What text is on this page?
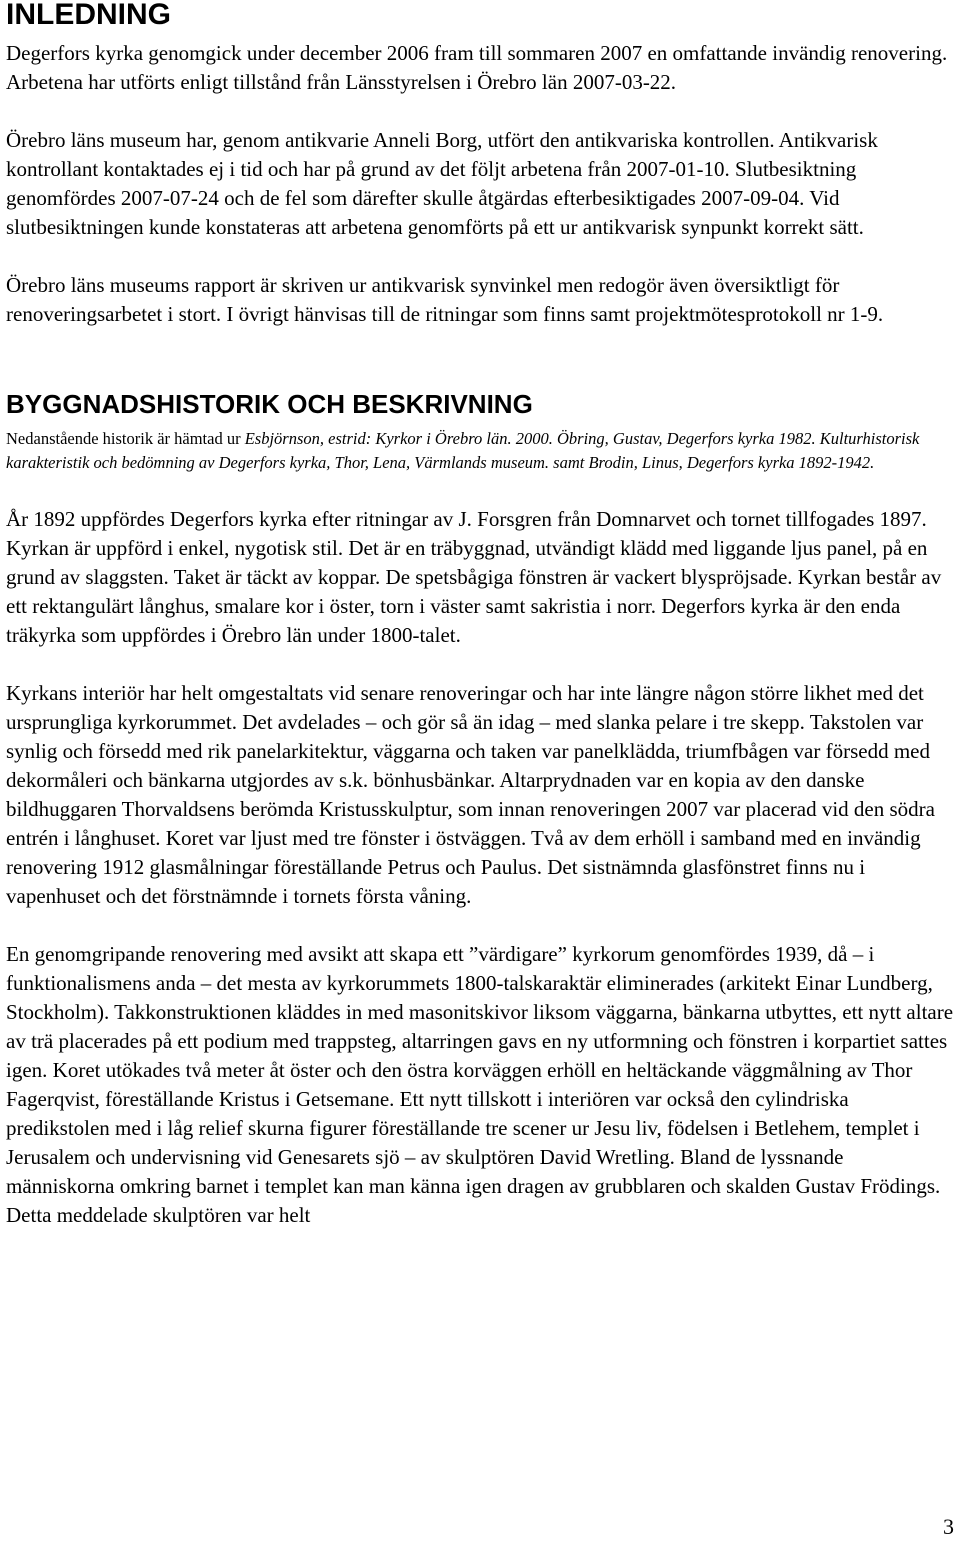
INLEDNING

Degerfors kyrka genomgick under december 2006 fram till sommaren 2007 en omfattande invändig renovering. Arbetena har utförts enligt tillstånd från Länsstyrelsen i Örebro län 2007-03-22.

Örebro läns museum har, genom antikvarie Anneli Borg, utfört den antikvariska kontrollen. Antikvarisk kontrollant kontaktades ej i tid och har på grund av det följt arbetena från 2007-01-10. Slutbesiktning genomfördes 2007-07-24 och de fel som därefter skulle åtgärdas efterbesiktigades 2007-09-04. Vid slutbesiktningen kunde konstateras att arbetena genomförts på ett ur antikvarisk synpunkt korrekt sätt.

Örebro läns museums rapport är skriven ur antikvarisk synvinkel men redogör även översiktligt för renoveringsarbetet i stort. I övrigt hänvisas till de ritningar som finns samt projektmötesprotokoll nr 1-9.

BYGGNADSHISTORIK OCH BESKRIVNING
Nedanstående historik är hämtad ur Esbjörnson, estrid: Kyrkor i Örebro län. 2000. Öbring, Gustav, Degerfors kyrka 1982. Kulturhistorisk karakteristik och bedömning av Degerfors kyrka, Thor, Lena, Värmlands museum. samt Brodin, Linus, Degerfors kyrka 1892-1942.

År 1892 uppfördes Degerfors kyrka efter ritningar av J. Forsgren från Domnarvet och tornet tillfogades 1897. Kyrkan är uppförd i enkel, nygotisk stil. Det är en träbyggnad, utvändigt klädd med liggande ljus panel, på en grund av slaggsten. Taket är täckt av koppar. De spetsbågiga fönstren är vackert blyspröjsade. Kyrkan består av ett rektangulärt långhus, smalare kor i öster, torn i väster samt sakristia i norr. Degerfors kyrka är den enda träkyrka som uppfördes i Örebro län under 1800-talet.

Kyrkans interiör har helt omgestaltats vid senare renoveringar och har inte längre någon större likhet med det ursprungliga kyrkorummet. Det avdelades – och gör så än idag – med slanka pelare i tre skepp. Takstolen var synlig och försedd med rik panelarkitektur, väggarna och taken var panelklädda, triumfbågen var försedd med dekormåleri och bänkarna utgjordes av s.k. bönhusbänkar. Altarprydnaden var en kopia av den danske bildhuggaren Thorvaldsens berömda Kristusskulptur, som innan renoveringen 2007 var placerad vid den södra entrén i långhuset. Koret var ljust med tre fönster i östväggen. Två av dem erhöll i samband med en invändig renovering 1912 glasmålningar föreställande Petrus och Paulus. Det sistnämnda glasfönstret finns nu i vapenhuset och det förstnämnde i tornets första våning.

En genomgripande renovering med avsikt att skapa ett ”värdigare” kyrkorum genomfördes 1939, då – i funktionalismens anda – det mesta av kyrkorummets 1800-talskaraktär eliminerades (arkitekt Einar Lundberg, Stockholm). Takkonstruktionen kläddes in med masonitskivor liksom väggarna, bänkarna utbyttes, ett nytt altare av trä placerades på ett podium med trappsteg, altarringen gavs en ny utformning och fönstren i korpartiet sattes igen. Koret utökades två meter åt öster och den östra korväggen erhöll en heltäckande väggmålning av Thor Fagerqvist, föreställande Kristus i Getsemane. Ett nytt tillskott i interiören var också den cylindriska predikstolen med i låg relief skurna figurer föreställande tre scener ur Jesu liv, födelsen i Betlehem, templet i Jerusalem och undervisning vid Genesarets sjö – av skulptören David Wretling. Bland de lyssnande människorna omkring barnet i templet kan man känna igen dragen av grubblaren och skalden Gustav Frödings. Detta meddelade skulptören var helt

3
